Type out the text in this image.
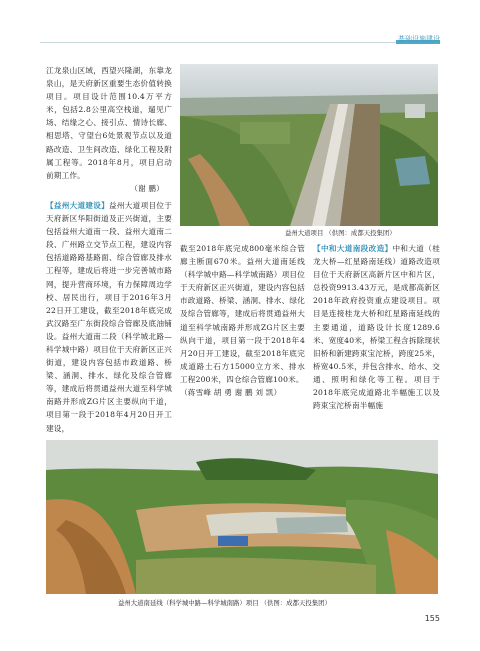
基础设施建设

江龙泉山区域，西望兴隆湖，东靠龙泉山，是天府新区重要生态价值转换项目。项目设计范围10.4万平方米，包括2.8公里高空栈道，遛见广场、结缘之心、接引点、情诗长廊、相思塔、守望台6处景观节点以及道路改造、卫生间改造、绿化工程及附属工程等。2018年8月，项目启动前期工作。

（谢 鹏）

【益州大道建设】益州大道项目位于天府新区华阳街道及正兴街道，主要包括益州大道南一段、益州大道南二段、广州路立交节点工程，建设内容包括道路路基路面、综合管廊及排水工程等，建成后将进一步完善城市路网，提升营商环境，有力保障周边学校、居民出行，项目于2016年3月22日开工建设，截至2018年底完成武汉路至广东街段综合管廊及底油铺设。益州大道南二段（科学城北路—科学城中路）项目位于天府新区正兴街道，建设内容包括市政道路、桥梁、涵洞、排水、绿化及综合管廊等，建成后将贯通益州大道至科学城南路并形成ZG片区主要纵向干道，项目第一段于2018年4月20日开工建设，

益州大道项目 （供图：成都天投集团）

截至2018年底完成800毫米综合管廊主断面670米。益州大道南延线（科学城中路—科学城南路）项目位于天府新区正兴街道，建设内容包括市政道路、桥梁、涵洞、排水、绿化及综合管廊等，建成后将贯通益州大道至科学城南路并形成ZG片区主要纵向干道，项目第一段于2018年4月20日开工建设，截至2018年底完成道路土石方15000立方米、排水工程200米，四仓综合管廊100米。

（蒋雪峰 胡 勇 谢 鹏 刘 凯）

【中和大道南段改造】中和大道（桂龙大桥—红星路南延线）道路改造项目位于天府新区高新片区中和片区，总投资9913.43万元，是成都高新区2018年政府投资重点建设项目。项目是连接桂龙大桥和红星路南延线的主要通道，道路设计长度1289.6米、宽度40米，桥梁工程含拆除现状旧桥和新建跨束宝沱桥，跨度25米，桥宽40.5米，并包含排水、给水、交通、照明和绿化等工程。项目于2018年底完成道路北半幅施工以及跨束宝沱桥南半幅施

益州大道南延线（科学城中路—科学城南路）项目 （供图：成都天投集团）
155
